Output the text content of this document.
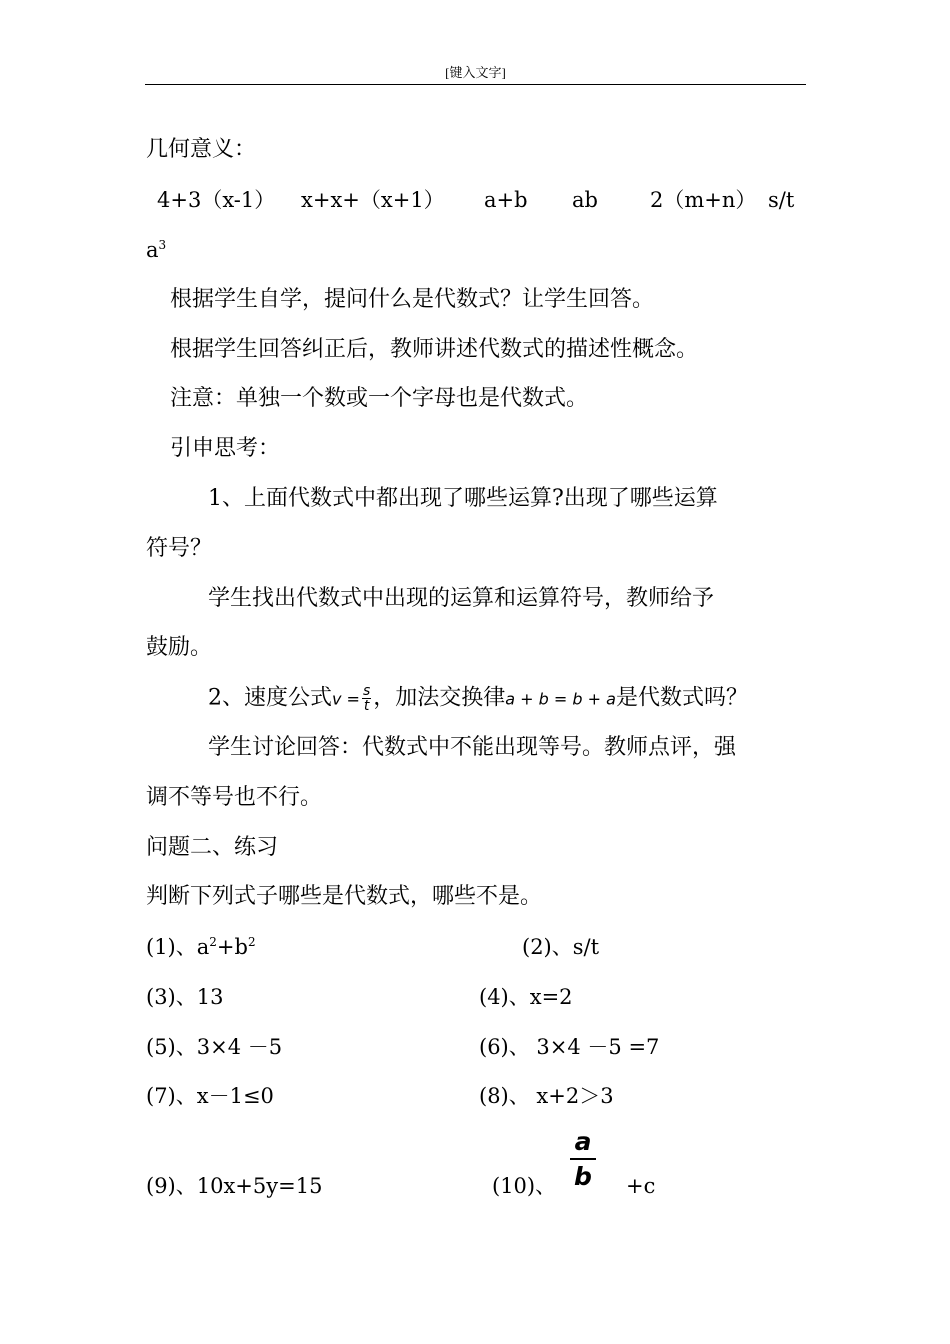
[键入文字]
几何意义：
4+3（x-1） x+x+（x+1） a+b ab 2（m+n） s/t
$a^3$
根据学生自学，提问什么是代数式？让学生回答。
根据学生回答纠正后，教师讲述代数式的描述性概念。
注意：单独一个数或一个字母也是代数式。
引申思考：
1、上面代数式中都出现了哪些运算?出现了哪些运算
符号？
学生找出代数式中出现的运算和运算符号，教师给予
鼓励。
2、速度公式$v = \frac{s}{t}$ ，加法交换律a + b = b + a是代数式吗？
学生讨论回答：代数式中不能出现等号。教师点评，强
调不等号也不行。
问题二、练习
判断下列式子哪些是代数式，哪些不是。
(1)、$a^2+b^2$	(2)、s/t
(3)、13	(4)、x=2
(5)、3×4 －5	(6)、 3×4 －5 =7
(7)、x－1≤0	(8)、 x+2＞3
(9)、10x+5y=15	(10)、 $\frac{a}{b} +c$
